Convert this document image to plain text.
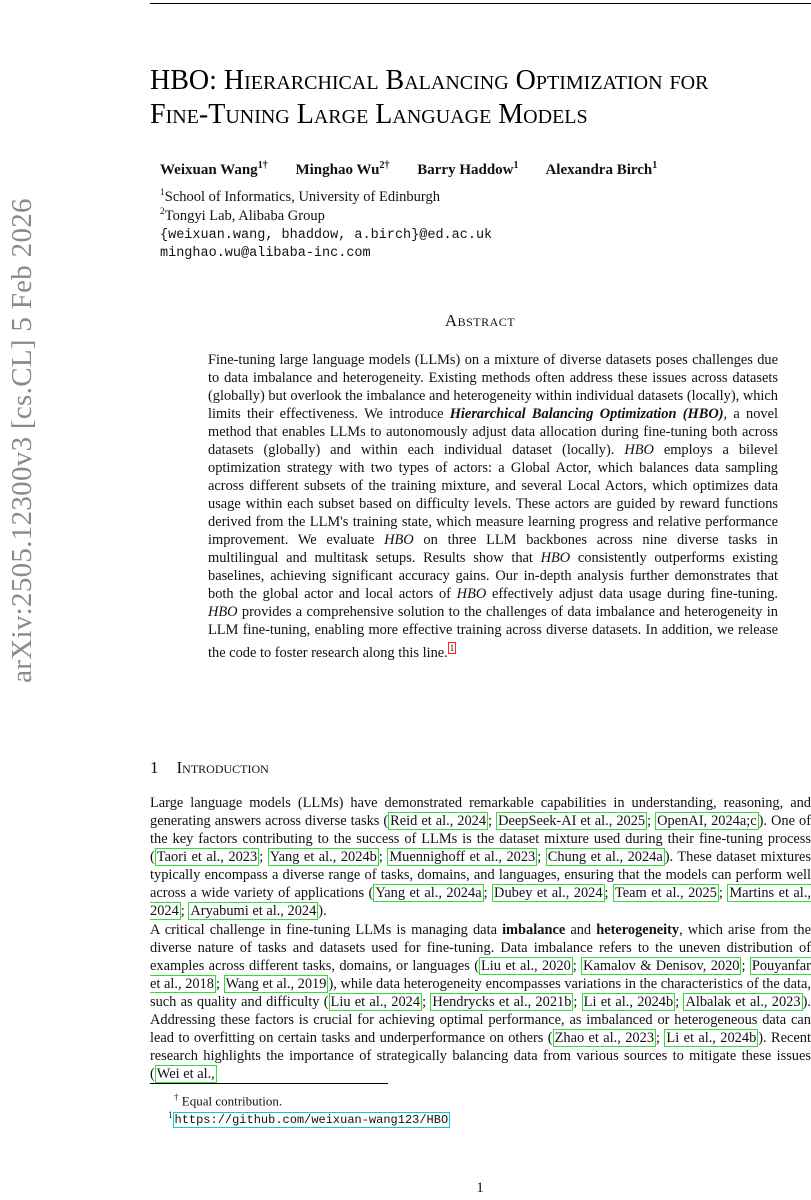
arXiv:2505.12300v3 [cs.CL] 5 Feb 2026
HBO: Hierarchical Balancing Optimization for
Fine-Tuning Large Language Models
Weixuan Wang$^{1\dagger}$ Minghao $Wu^{2\dagger}$ Barry Haddow$^1$ Alexandra Birch$^1$
$^1$School of Informatics, University of Edinburgh
$^2$Tongyi Lab, Alibaba Group
{weixuan.wang, bhaddow, a.birch}@ed.ac.uk
minghao.wu@alibaba-inc.com
Abstract
Fine-tuning large language models (LLMs) on a mixture of diverse datasets poses challenges due to data imbalance and heterogeneity. Existing methods often address these issues across datasets (globally) but overlook the imbalance and heterogeneity within individual datasets (locally), which limits their effectiveness. We introduce Hierarchical Balancing Optimization (HBO), a novel method that enables LLMs to autonomously adjust data allocation during fine-tuning both across datasets (globally) and within each individual dataset (locally). HBO employs a bilevel optimization strategy with two types of actors: a Global Actor, which balances data sampling across different subsets of the training mixture, and several Local Actors, which optimizes data usage within each subset based on difficulty levels. These actors are guided by reward functions derived from the LLM's training state, which measure learning progress and relative performance improvement. We evaluate HBO on three LLM backbones across nine diverse tasks in multilingual and multitask setups. Results show that HBO consistently outperforms existing baselines, achieving significant accuracy gains. Our in-depth analysis further demonstrates that both the global actor and local actors of HBO effectively adjust data usage during fine-tuning. HBO provides a comprehensive solution to the challenges of data imbalance and heterogeneity in LLM fine-tuning, enabling more effective training across diverse datasets. In addition, we release the code to foster research along this line. $^1$
1 Introduction
Large language models (LLMs) have demonstrated remarkable capabilities in understanding, reasoning, and generating answers across diverse tasks ( Reid et al., 2024 ; DeepSeek-AI et al., 2025 ; OpenAI, 2024a;c ). One of the key factors contributing to the success of LLMs is the dataset mixture used during their fine-tuning process ( Taori et al., 2023 ; Yang et al., 2024b ; Muennighoff et al., 2023 ; Chung et al., 2024a ). These dataset mixtures typically encompass a diverse range of tasks, domains, and languages, ensuring that the models can perform well across a wide variety of applications ( Yang et al., 2024a ; Dubey et al., 2024 ; Team et al., 2025 ; Martins et al., 2024 ; Aryabumi et al., 2024 ).
A critical challenge in fine-tuning LLMs is managing data imbalance and heterogeneity, which arise from the diverse nature of tasks and datasets used for fine-tuning. Data imbalance refers to the uneven distribution of examples across different tasks, domains, or languages ( Liu et al., 2020 ; Kamalov & Denisov, 2020 ; Pouyanfar et al., 2018 ; Wang et al., 2019 ), while data heterogeneity encompasses variations in the characteristics of the data, such as quality and difficulty ( Liu et al., 2024 ; Hendrycks et al., 2021b ; Li et al., 2024b ; Albalak et al., 2023 ). Addressing these factors is crucial for achieving optimal performance, as imbalanced or heterogeneous data can lead to overfitting on certain tasks and underperformance on others ( Zhao et al., 2023 ; Li et al., 2024b ). Recent research highlights the importance of strategically balancing data from various sources to mitigate these issues ( Wei et al.,
† Equal contribution.
$^1$ https://github.com/weixuan-wang123/HBO
1
